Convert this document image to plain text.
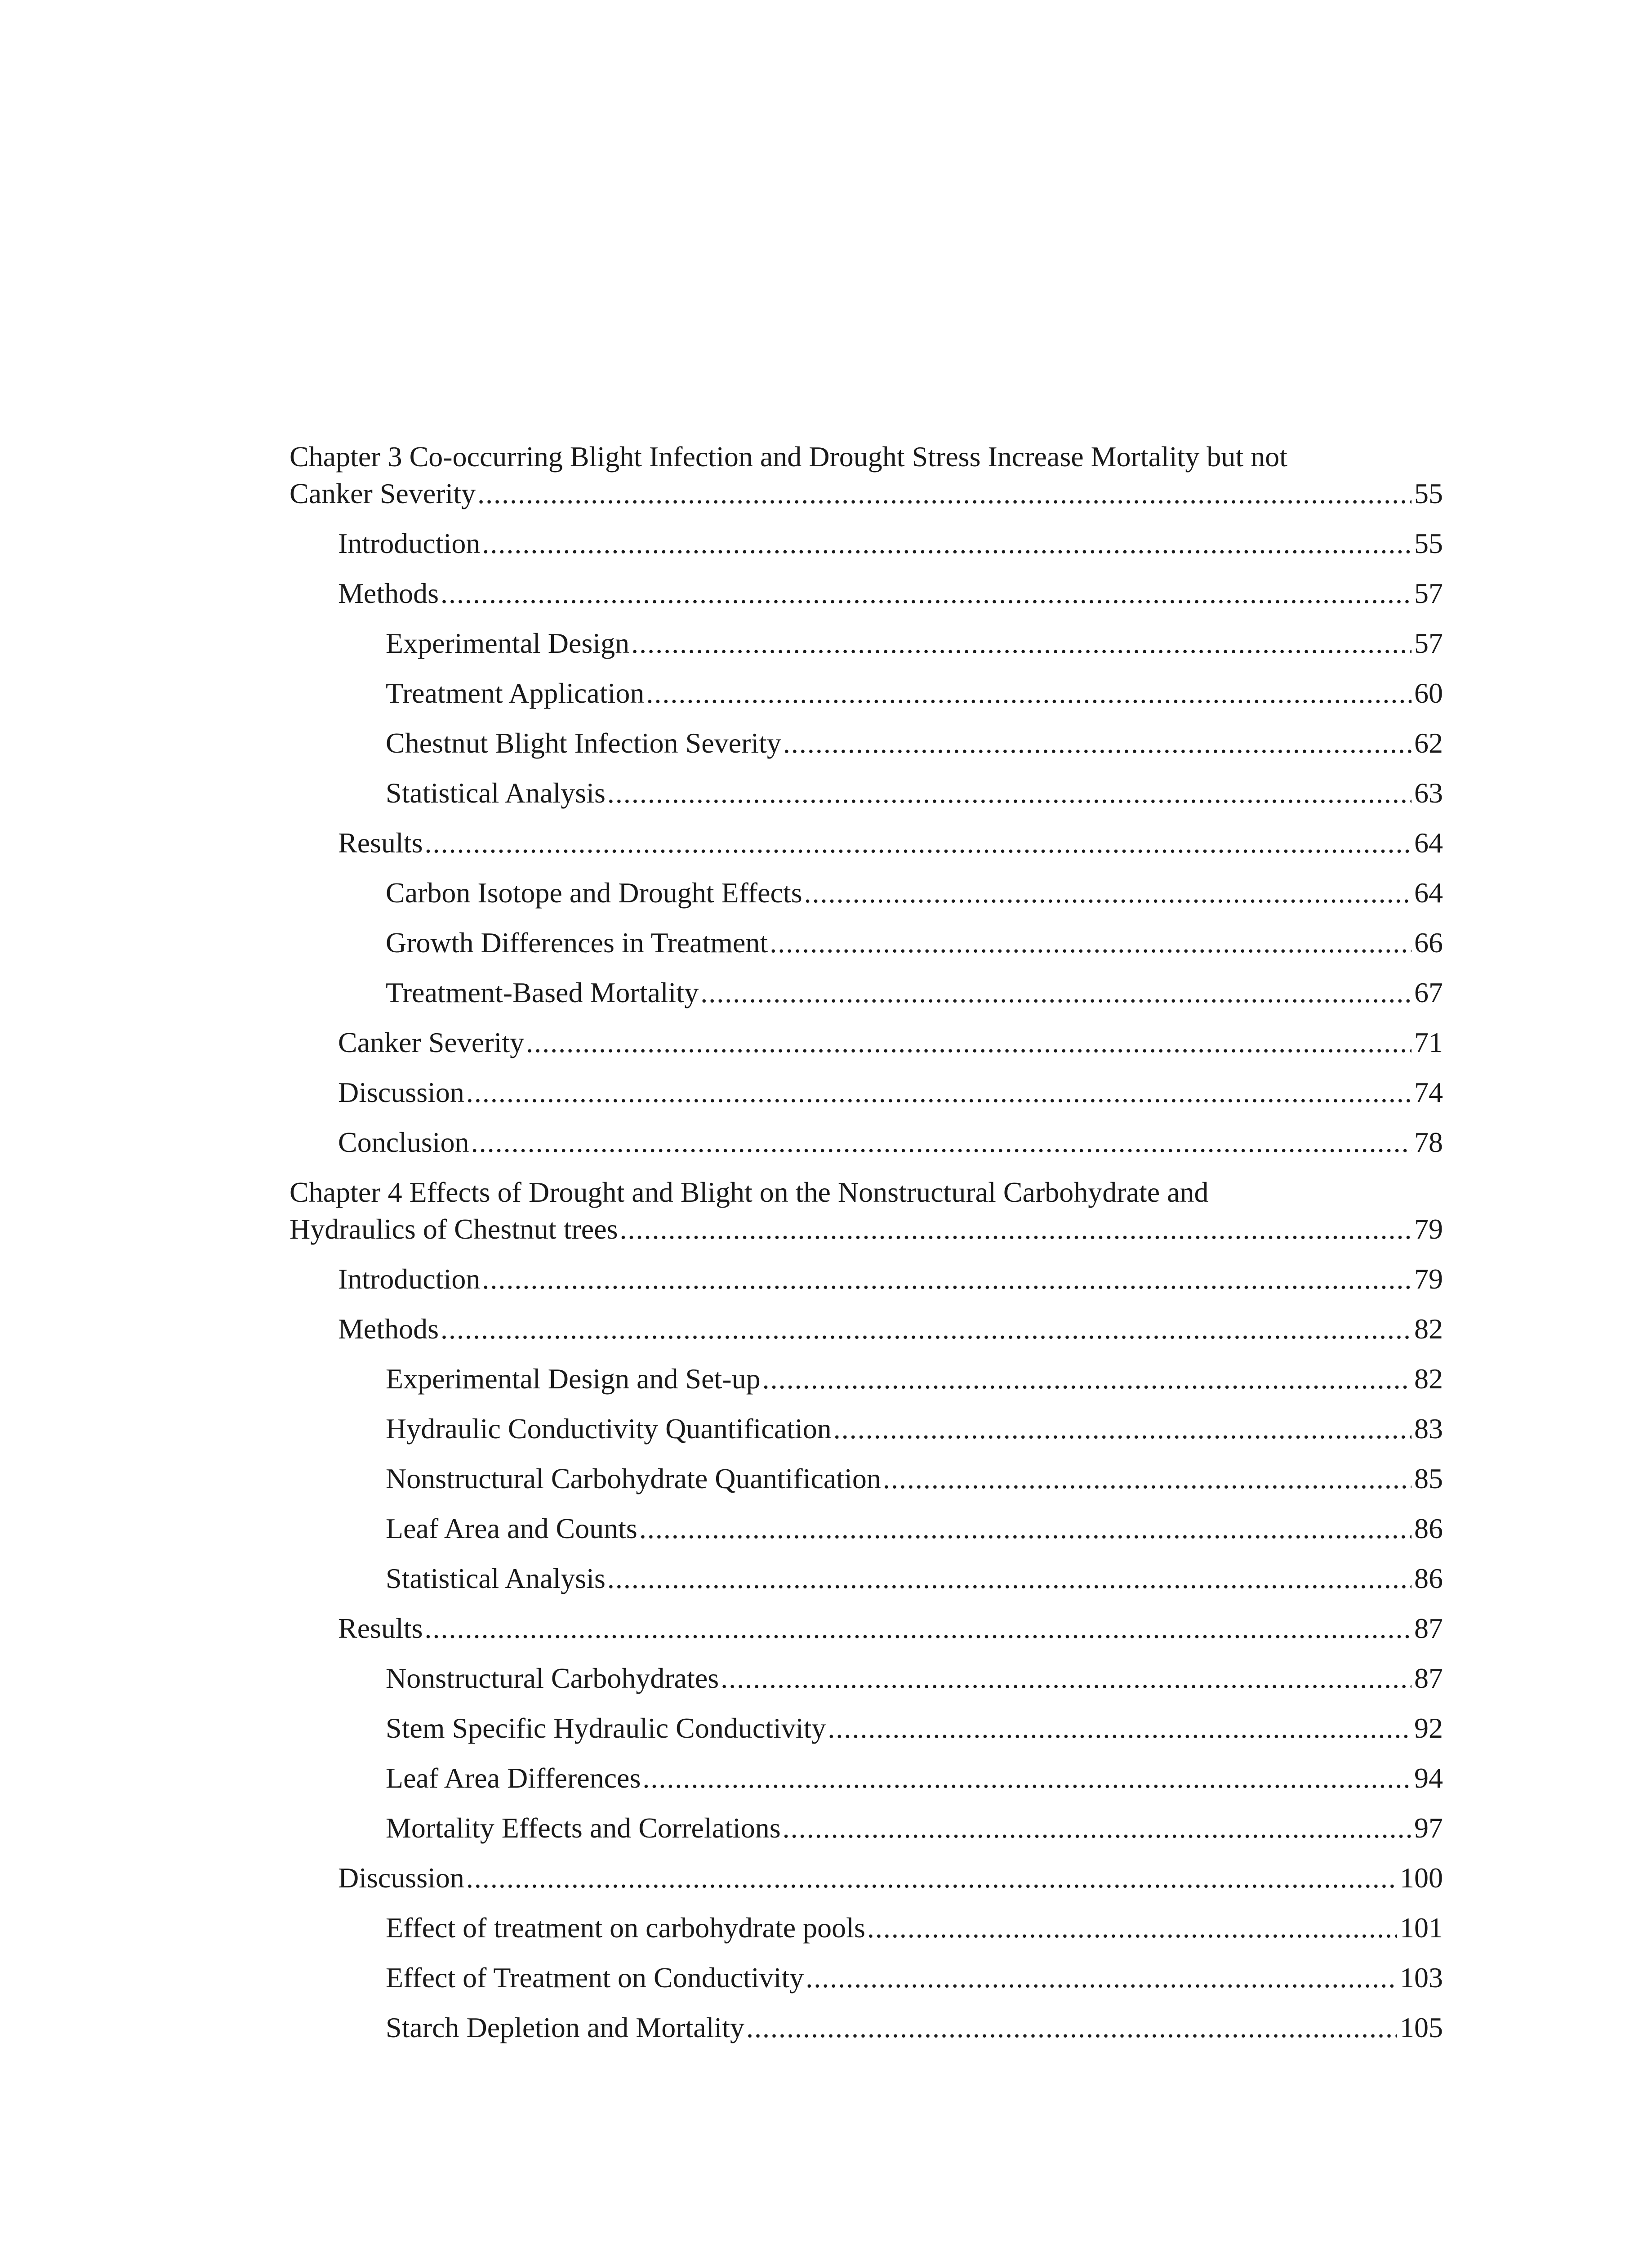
Chapter 3 Co-occurring Blight Infection and Drought Stress Increase Mortality but not
Canker Severity .....	55
Introduction .....	55
Methods .....	57
Experimental Design .....	57
Treatment Application .....	60
Chestnut Blight Infection Severity .....	62
Statistical Analysis .....	63
Results .....	64
Carbon Isotope and Drought Effects .....	64
Growth Differences in Treatment .....	66
Treatment-Based Mortality .....	67
Canker Severity .....	71
Discussion .....	74
Conclusion .....	78
Chapter 4 Effects of Drought and Blight on the Nonstructural Carbohydrate and
Hydraulics of Chestnut trees .....	79
Introduction .....	79
Methods .....	82
Experimental Design and Set-up .....	82
Hydraulic Conductivity Quantification .....	83
Nonstructural Carbohydrate Quantification .....	85
Leaf Area and Counts .....	86
Statistical Analysis .....	86
Results .....	87
Nonstructural Carbohydrates .....	87
Stem Specific Hydraulic Conductivity .....	92
Leaf Area Differences .....	94
Mortality Effects and Correlations .....	97
Discussion .....	100
Effect of treatment on carbohydrate pools .....	101
Effect of Treatment on Conductivity .....	103
Starch Depletion and Mortality .....	105
